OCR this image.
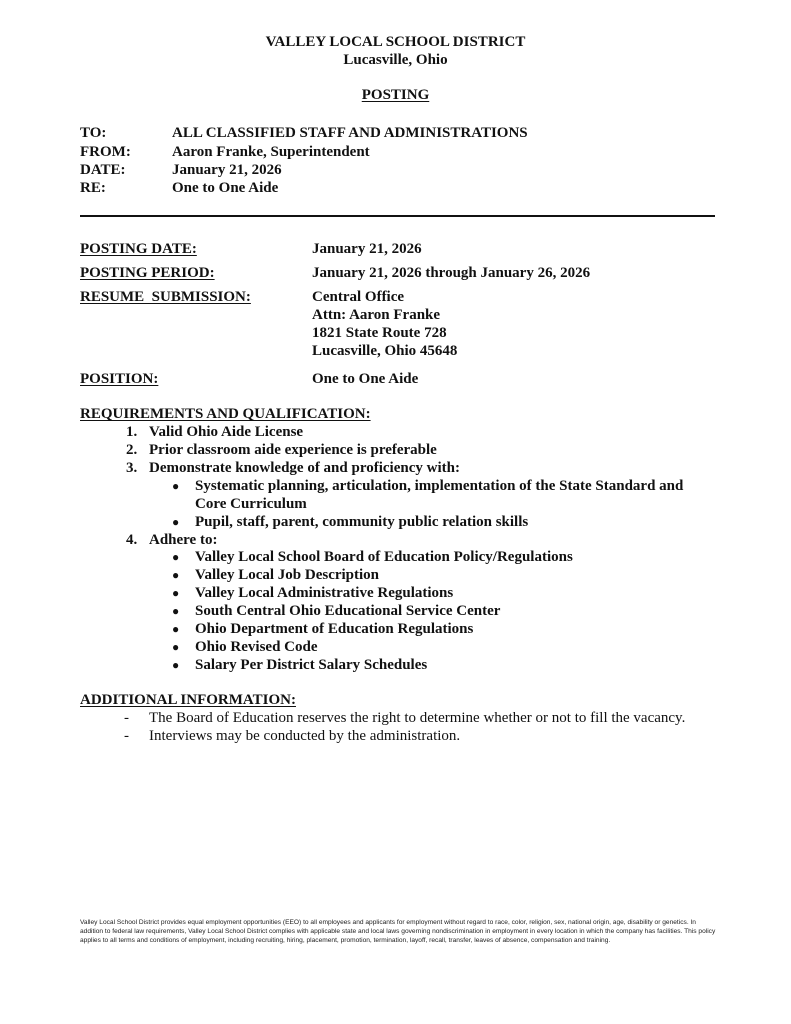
VALLEY LOCAL SCHOOL DISTRICT
Lucasville, Ohio
POSTING
TO:	ALL CLASSIFIED STAFF AND ADMINISTRATIONS
FROM:	Aaron Franke, Superintendent
DATE:	January 21, 2026
RE:	One to One Aide
POSTING DATE:	January 21, 2026
POSTING PERIOD:	January 21, 2026 through January 26, 2026
RESUME  SUBMISSION:	Central Office
Attn: Aaron Franke
1821 State Route 728
Lucasville, Ohio 45648
POSITION:	One to One Aide
REQUIREMENTS AND QUALIFICATION:
1. Valid Ohio Aide License
2. Prior classroom aide experience is preferable
3. Demonstrate knowledge of and proficiency with:
● Systematic planning, articulation, implementation of the State Standard and
Core Curriculum
● Pupil, staff, parent, community public relation skills
4. Adhere to:
● Valley Local School Board of Education Policy/Regulations
● Valley Local Job Description
● Valley Local Administrative Regulations
● South Central Ohio Educational Service Center
● Ohio Department of Education Regulations
● Ohio Revised Code
● Salary Per District Salary Schedules
ADDITIONAL INFORMATION:
- The Board of Education reserves the right to determine whether or not to fill the vacancy.
- Interviews may be conducted by the administration.
Valley Local School District provides equal employment opportunities (EEO) to all employees and applicants for employment without regard to race, color, religion, sex, national origin, age, disability or genetics. In addition to federal law requirements, Valley Local School District complies with applicable state and local laws governing nondiscrimination in employment in every location in which the company has facilities. This policy applies to all terms and conditions of employment, including recruiting, hiring, placement, promotion, termination, layoff, recall, transfer, leaves of absence, compensation and training.
